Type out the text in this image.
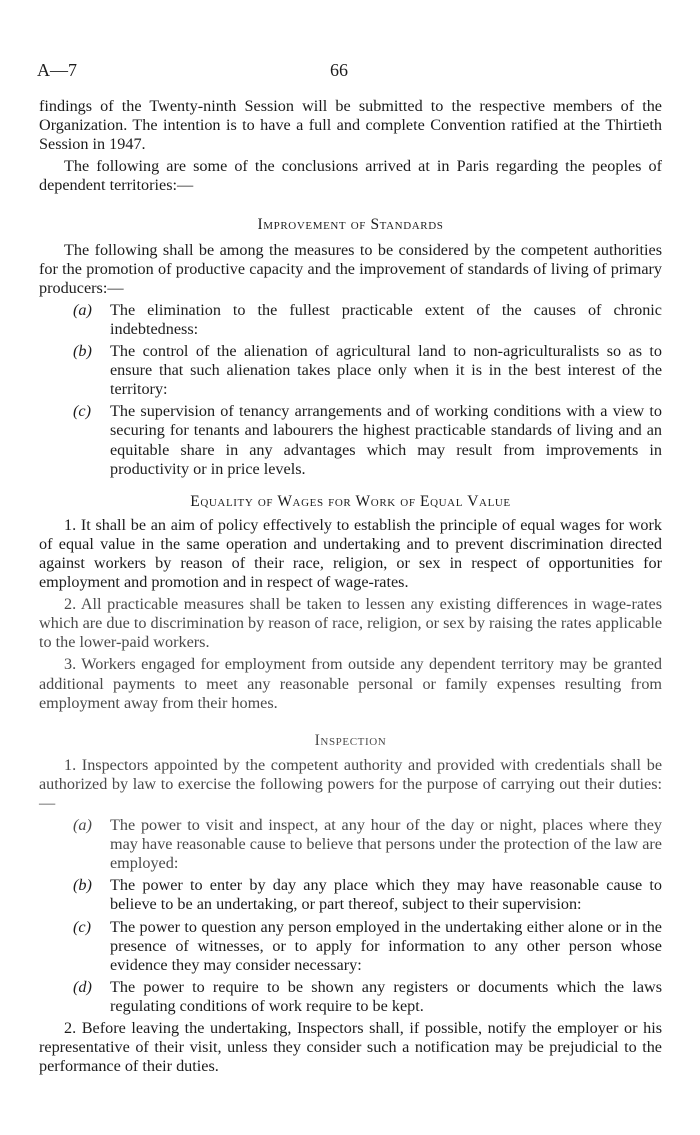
A—7	66

findings of the Twenty-ninth Session will be submitted to the respective members of the Organization. The intention is to have a full and complete Convention ratified at the Thirtieth Session in 1947.

The following are some of the conclusions arrived at in Paris regarding the peoples of dependent territories:—

Improvement of Standards

The following shall be among the measures to be considered by the competent authorities for the promotion of productive capacity and the improvement of standards of living of primary producers:—

(a)	The elimination to the fullest practicable extent of the causes of chronic indebtedness:
(b)	The control of the alienation of agricultural land to non-agriculturalists so as to ensure that such alienation takes place only when it is in the best interest of the territory:
(c)	The supervision of tenancy arrangements and of working conditions with a view to securing for tenants and labourers the highest practicable standards of living and an equitable share in any advantages which may result from improvements in productivity or in price levels.
Equality of Wages for Work of Equal Value

1. It shall be an aim of policy effectively to establish the principle of equal wages for work of equal value in the same operation and undertaking and to prevent discrimination directed against workers by reason of their race, religion, or sex in respect of opportunities for employment and promotion and in respect of wage-rates.

2. All practicable measures shall be taken to lessen any existing differences in wage-rates which are due to discrimination by reason of race, religion, or sex by raising the rates applicable to the lower-paid workers.

3. Workers engaged for employment from outside any dependent territory may be granted additional payments to meet any reasonable personal or family expenses resulting from employment away from their homes.

Inspection

1. Inspectors appointed by the competent authority and provided with credentials shall be authorized by law to exercise the following powers for the purpose of carrying out their duties:—

(a)	The power to visit and inspect, at any hour of the day or night, places where they may have reasonable cause to believe that persons under the protection of the law are employed:
(b)	The power to enter by day any place which they may have reasonable cause to believe to be an undertaking, or part thereof, subject to their supervision:
(c)	The power to question any person employed in the undertaking either alone or in the presence of witnesses, or to apply for information to any other person whose evidence they may consider necessary:
(d)	The power to require to be shown any registers or documents which the laws regulating conditions of work require to be kept.

2. Before leaving the undertaking, Inspectors shall, if possible, notify the employer or his representative of their visit, unless they consider such a notification may be prejudicial to the performance of their duties.
